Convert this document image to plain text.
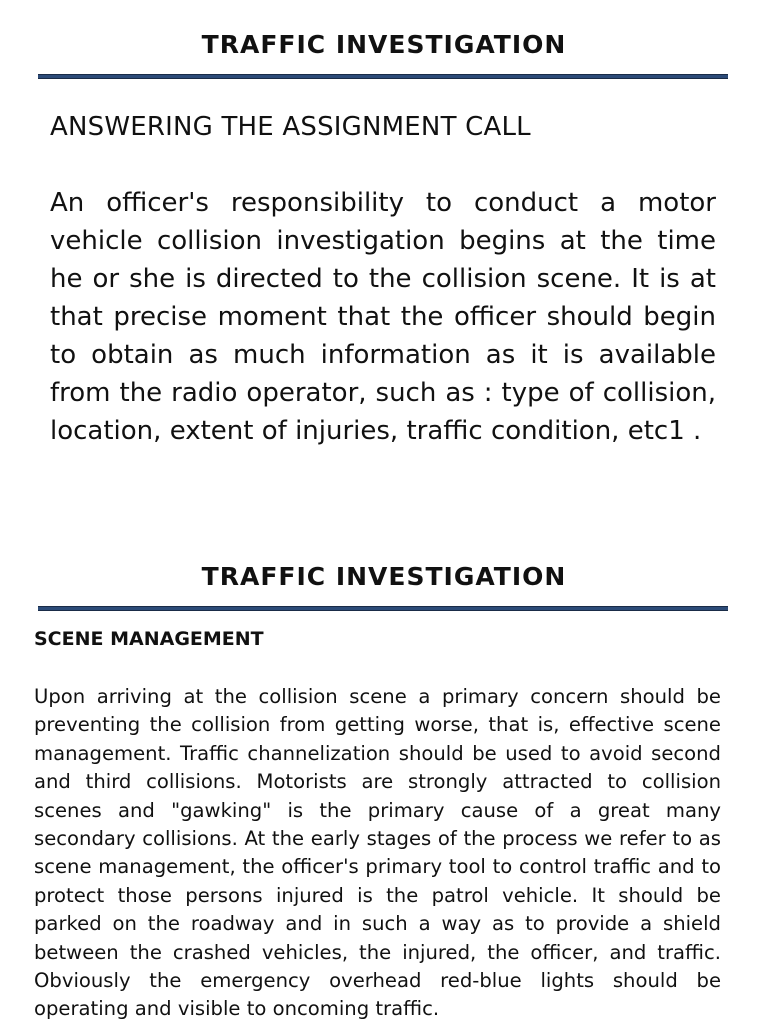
TRAFFIC INVESTIGATION
ANSWERING THE ASSIGNMENT CALL
An officer's responsibility to conduct a motor vehicle collision investigation begins at the time he or she is directed to the collision scene. It is at that precise moment that the officer should begin to obtain as much information as it is available from the radio operator, such as : type of collision, location, extent of injuries, traffic condition, etc1 .
TRAFFIC INVESTIGATION
SCENE MANAGEMENT
Upon arriving at the collision scene a primary concern should be preventing the collision from getting worse, that is, effective scene management. Traffic channelization should be used to avoid second and third collisions. Motorists are strongly attracted to collision scenes and "gawking" is the primary cause of a great many secondary collisions. At the early stages of the process we refer to as scene management, the officer's primary tool to control traffic and to protect those persons injured is the patrol vehicle. It should be parked on the roadway and in such a way as to provide a shield between the crashed vehicles, the injured, the officer, and traffic. Obviously the emergency overhead red-blue lights should be operating and visible to oncoming traffic.
